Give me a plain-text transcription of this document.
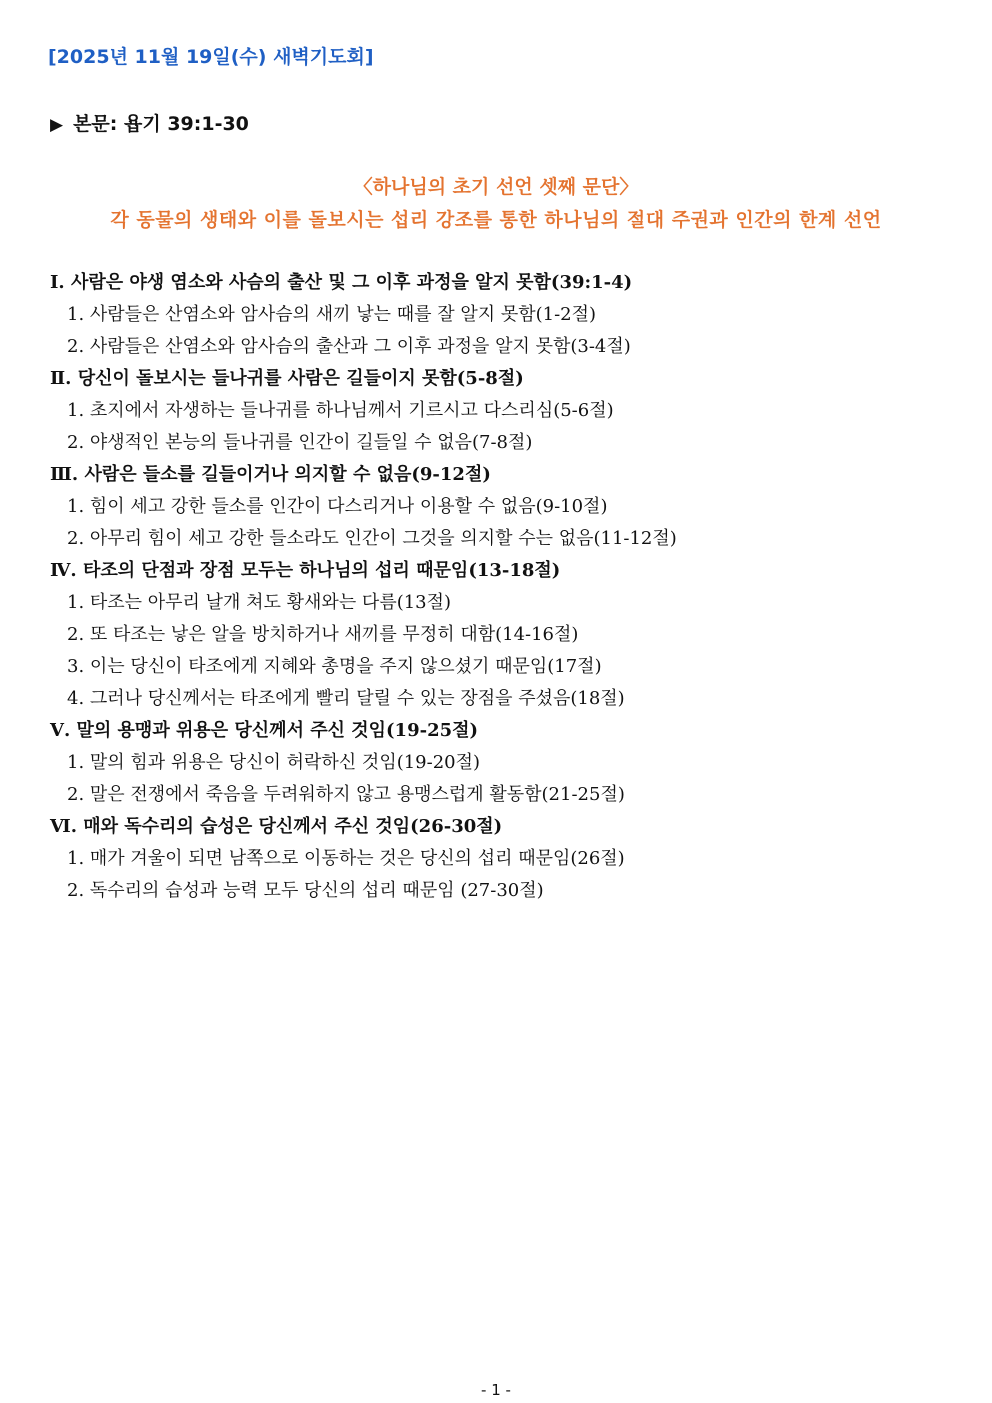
[2025년 11월 19일(수) 새벽기도회]
▶ 본문: 욥기 39:1-30
〈하나님의 초기 선언 셋째 문단〉
각 동물의 생태와 이를 돌보시는 섭리 강조를 통한 하나님의 절대 주권과 인간의 한계 선언
Ⅰ. 사람은 야생 염소와 사슴의 출산 및 그 이후 과정을 알지 못함(39:1-4)
1. 사람들은 산염소와 암사슴의 새끼 낳는 때를 잘 알지 못함(1-2절)
2. 사람들은 산염소와 암사슴의 출산과 그 이후 과정을 알지 못함(3-4절)
Ⅱ. 당신이 돌보시는 들나귀를 사람은 길들이지 못함(5-8절)
1. 초지에서 자생하는 들나귀를 하나님께서 기르시고 다스리심(5-6절)
2. 야생적인 본능의 들나귀를 인간이 길들일 수 없음(7-8절)
Ⅲ. 사람은 들소를 길들이거나 의지할 수 없음(9-12절)
1. 힘이 세고 강한 들소를 인간이 다스리거나 이용할 수 없음(9-10절)
2. 아무리 힘이 세고 강한 들소라도 인간이 그것을 의지할 수는 없음(11-12절)
Ⅳ. 타조의 단점과 장점 모두는 하나님의 섭리 때문임(13-18절)
1. 타조는 아무리 날개 쳐도 황새와는 다름(13절)
2. 또 타조는 낳은 알을 방치하거나 새끼를 무정히 대함(14-16절)
3. 이는 당신이 타조에게 지혜와 총명을 주지 않으셨기 때문임(17절)
4. 그러나 당신께서는 타조에게 빨리 달릴 수 있는 장점을 주셨음(18절)
Ⅴ. 말의 용맹과 위용은 당신께서 주신 것임(19-25절)
1. 말의 힘과 위용은 당신이 허락하신 것임(19-20절)
2. 말은 전쟁에서 죽음을 두려워하지 않고 용맹스럽게 활동함(21-25절)
Ⅵ. 매와 독수리의 습성은 당신께서 주신 것임(26-30절)
1. 매가 겨울이 되면 남쪽으로 이동하는 것은 당신의 섭리 때문임(26절)
2. 독수리의 습성과 능력 모두 당신의 섭리 때문임 (27-30절)
- 1 -
